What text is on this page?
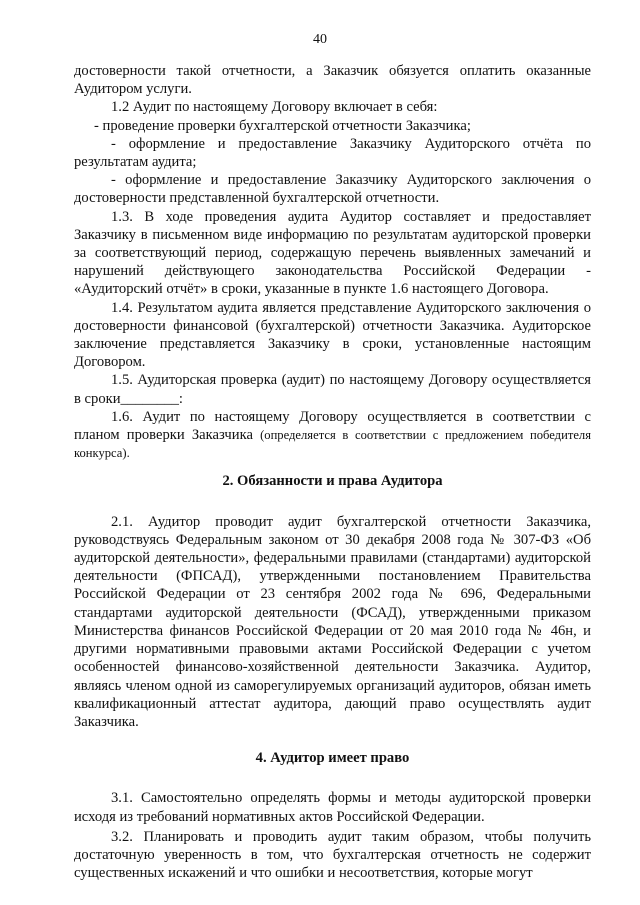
40

достоверности такой отчетности, а Заказчик обязуется оплатить оказанные Аудитором услуги.

1.2 Аудит по настоящему Договору включает в себя:

- проведение проверки бухгалтерской отчетности Заказчика;

- оформление и предоставление Заказчику Аудиторского отчёта по результатам аудита;

- оформление и предоставление Заказчику Аудиторского заключения о достоверности представленной бухгалтерской отчетности.

1.3. В ходе проведения аудита Аудитор составляет и предоставляет Заказчику в письменном виде информацию по результатам аудиторской проверки за соответствующий период, содержащую перечень выявленных замечаний и нарушений действующего законодательства Российской Федерации - «Аудиторский отчёт» в сроки, указанные в пункте 1.6 настоящего Договора.

1.4. Результатом аудита является представление Аудиторского заключения о достоверности финансовой (бухгалтерской) отчетности Заказчика. Аудиторское заключение представляется Заказчику в сроки, установленные настоящим Договором.

1.5. Аудиторская проверка (аудит) по настоящему Договору осуществляется в сроки________:

1.6. Аудит по настоящему Договору осуществляется в соответствии с планом проверки Заказчика (определяется в соответствии с предложением победителя конкурса).

2. Обязанности и права Аудитора

2.1. Аудитор проводит аудит бухгалтерской отчетности Заказчика, руководствуясь Федеральным законом от 30 декабря 2008 года № 307-ФЗ «Об аудиторской деятельности», федеральными правилами (стандартами) аудиторской деятельности (ФПСАД), утвержденными постановлением Правительства Российской Федерации от 23 сентября 2002 года № 696, Федеральными стандартами аудиторской деятельности (ФСАД), утвержденными приказом Министерства финансов Российской Федерации от 20 мая 2010 года № 46н, и другими нормативными правовыми актами Российской Федерации с учетом особенностей финансово-хозяйственной деятельности Заказчика. Аудитор, являясь членом одной из саморегулируемых организаций аудиторов, обязан иметь квалификационный аттестат аудитора, дающий право осуществлять аудит Заказчика.

4. Аудитор имеет право

3.1. Самостоятельно определять формы и методы аудиторской проверки исходя из требований нормативных актов Российской Федерации.

3.2. Планировать и проводить аудит таким образом, чтобы получить достаточную уверенность в том, что бухгалтерская отчетность не содержит существенных искажений и что ошибки и несоответствия, которые могут
